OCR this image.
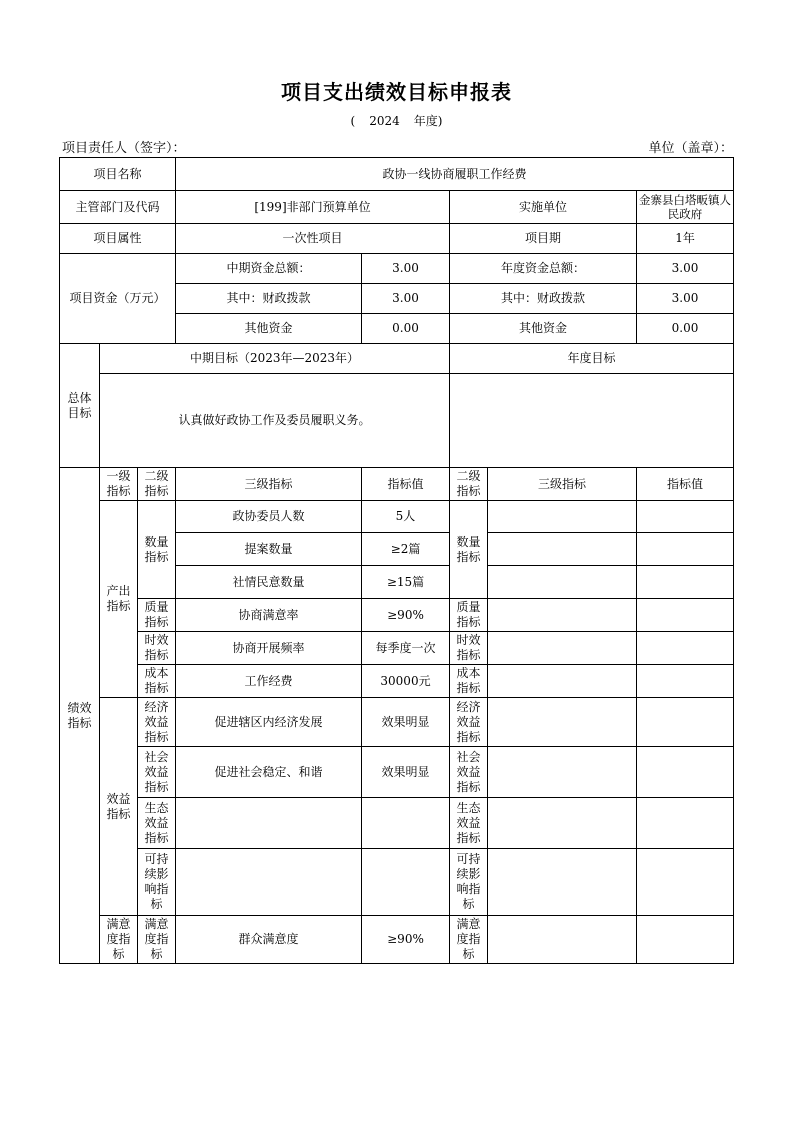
项目支出绩效目标申报表
( 2024 年度)
项目责任人（签字）：	单位（盖章）：
项目名称			政协一线协商履职工作经费				
主管部门及代码			[199]非部门预算单位		实施单位		金寨县白塔畈镇人民政府
项目属性			一次性项目		项目期		1年
项目资金（万元）			中期资金总额：	3.00	年度资金总额：		3.00
			其中：财政拨款	3.00	其中：财政拨款		3.00
			其他资金	0.00	其他资金		0.00
总体目标	中期目标（2023年—2023年）				年度目标		
	认真做好政协工作及委员履职义务。						
绩效指标	一级指标	二级指标	三级指标	指标值	二级指标	三级指标	指标值
	产出指标	数量指标	政协委员人数	5人	数量指标		
			提案数量	≥2篇			
			社情民意数量	≥15篇			
		质量指标	协商满意率	≥90%	质量指标		
		时效指标	协商开展频率	每季度一次	时效指标		
		成本指标	工作经费	30000元	成本指标		
	效益指标	经济效益指标	促进辖区内经济发展	效果明显	经济效益指标		
		社会效益指标	促进社会稳定、和谐	效果明显	社会效益指标		
		生态效益指标			生态效益指标		
		可持续影响指标			可持续影响指标		
	满意度指标	满意度指标	群众满意度	≥90%	满意度指标		
